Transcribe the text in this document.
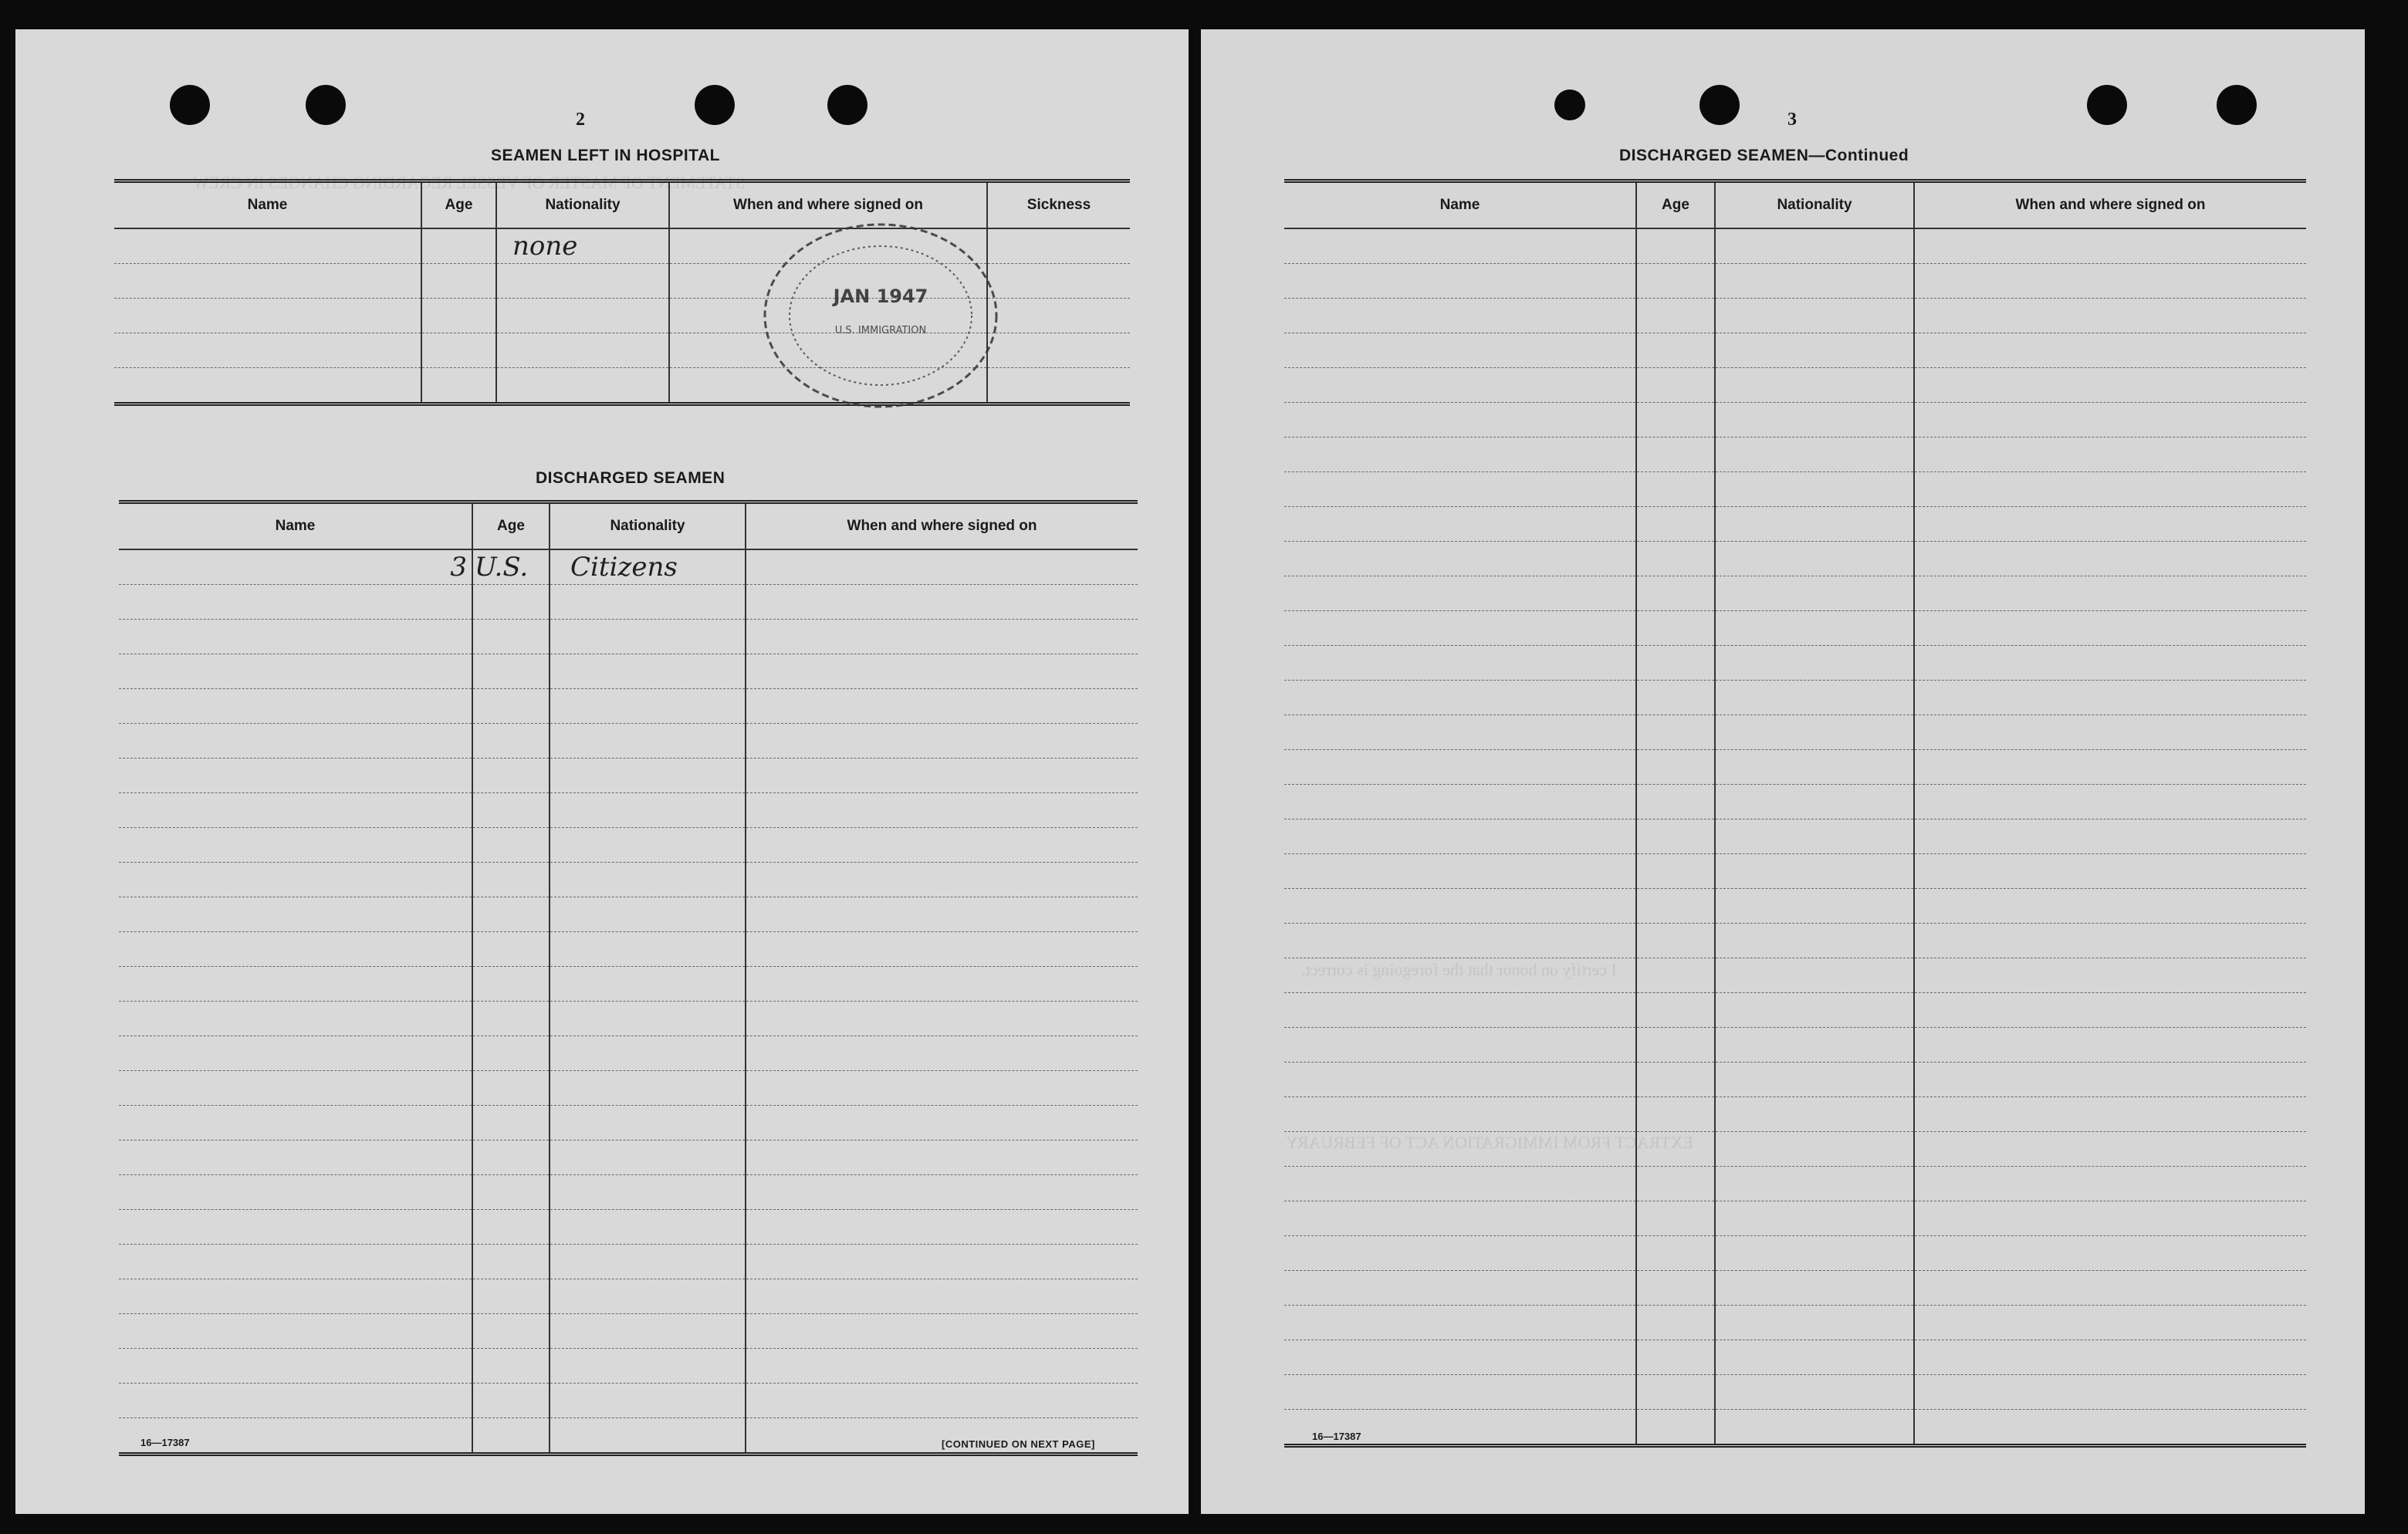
STATEMENT OF MASTER OF VESSEL REGARDING CHANGES IN CREW
2
SEAMEN LEFT IN HOSPITAL
Name	Age	Nationality	When and where signed on	Sickness
		none		

DISCHARGED SEAMEN
Name	Age	Nationality	When and where signed on
3	U.S.	Citizens	

16—17387	[CONTINUED ON NEXT PAGE]
JAN 1947
U.S. IMMIGRATION
I certify on honor that the foregoing is correct.
EXTRACT FROM IMMIGRATION ACT OF FEBRUARY
3
DISCHARGED SEAMEN—Continued
Name	Age	Nationality	When and where signed on

16—17387
